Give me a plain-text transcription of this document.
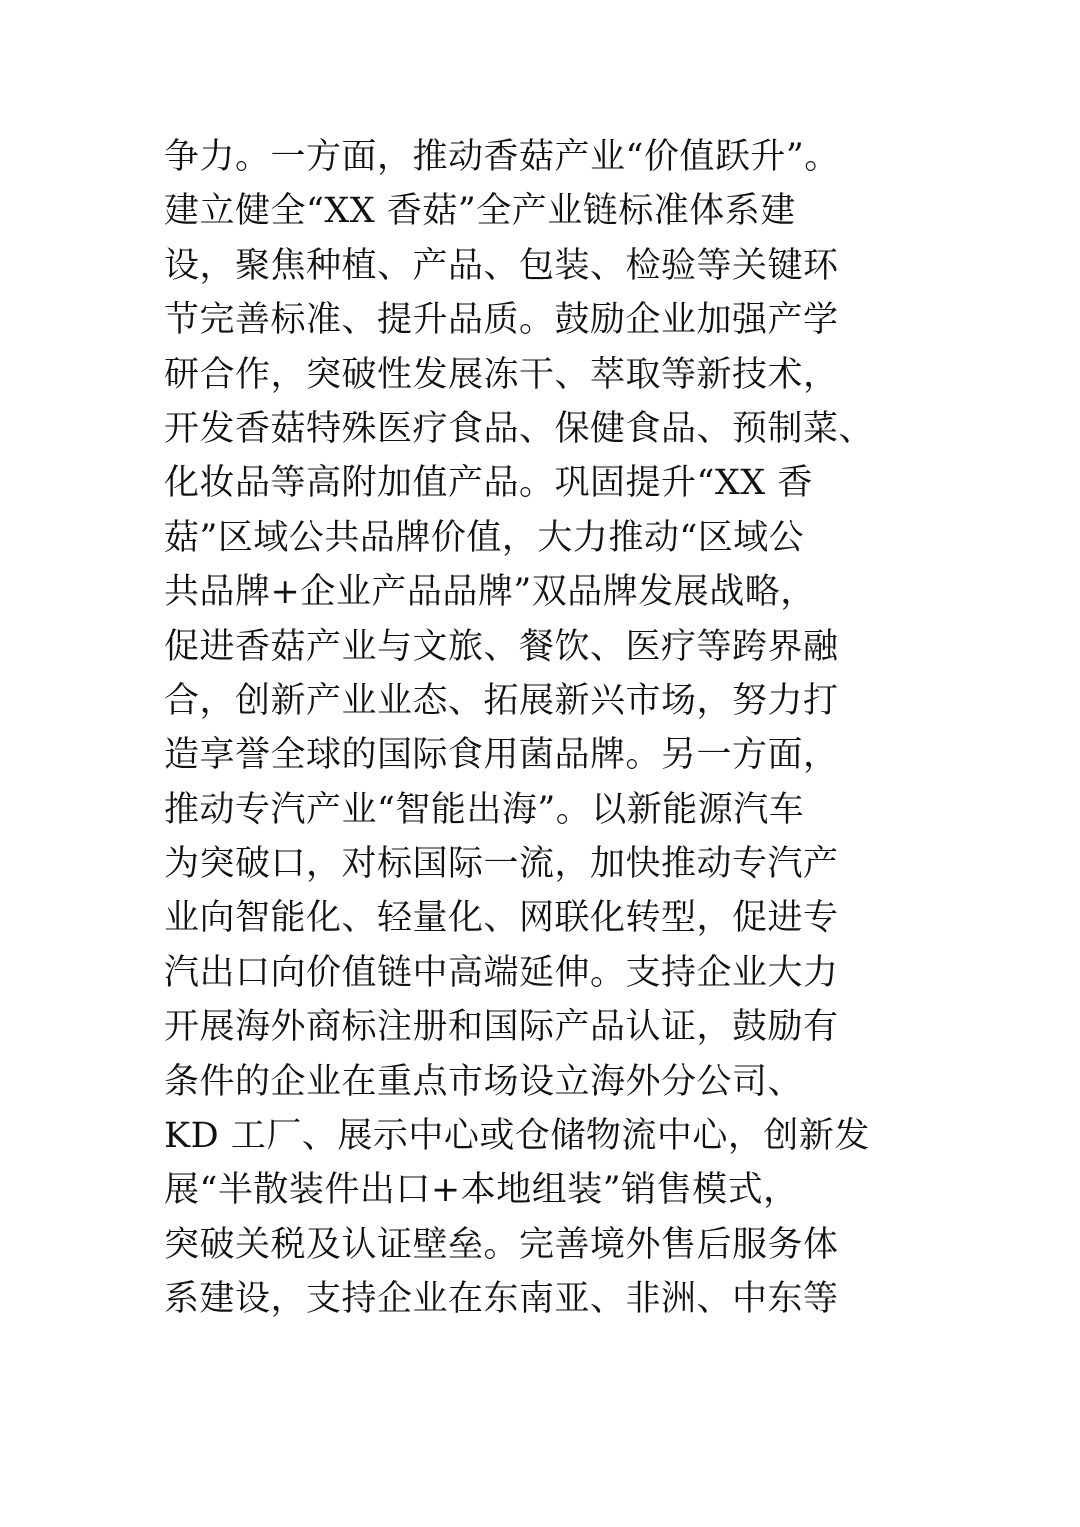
争力。一方面，推动香菇产业“价值跃升”。
建立健全“XX 香菇”全产业链标准体系建
设，聚焦种植、产品、包装、检验等关键环
节完善标准、提升品质。鼓励企业加强产学
研合作，突破性发展冻干、萃取等新技术，
开发香菇特殊医疗食品、保健食品、预制菜、
化妆品等高附加值产品。巩固提升“XX 香
菇”区域公共品牌价值，大力推动“区域公
共品牌+企业产品品牌”双品牌发展战略，
促进香菇产业与文旅、餐饮、医疗等跨界融
合，创新产业业态、拓展新兴市场，努力打
造享誉全球的国际食用菌品牌。另一方面，
推动专汽产业“智能出海”。以新能源汽车
为突破口，对标国际一流，加快推动专汽产
业向智能化、轻量化、网联化转型，促进专
汽出口向价值链中高端延伸。支持企业大力
开展海外商标注册和国际产品认证，鼓励有
条件的企业在重点市场设立海外分公司、
KD 工厂、展示中心或仓储物流中心，创新发
展“半散装件出口+本地组装”销售模式，
突破关税及认证壁垒。完善境外售后服务体
系建设，支持企业在东南亚、非洲、中东等
